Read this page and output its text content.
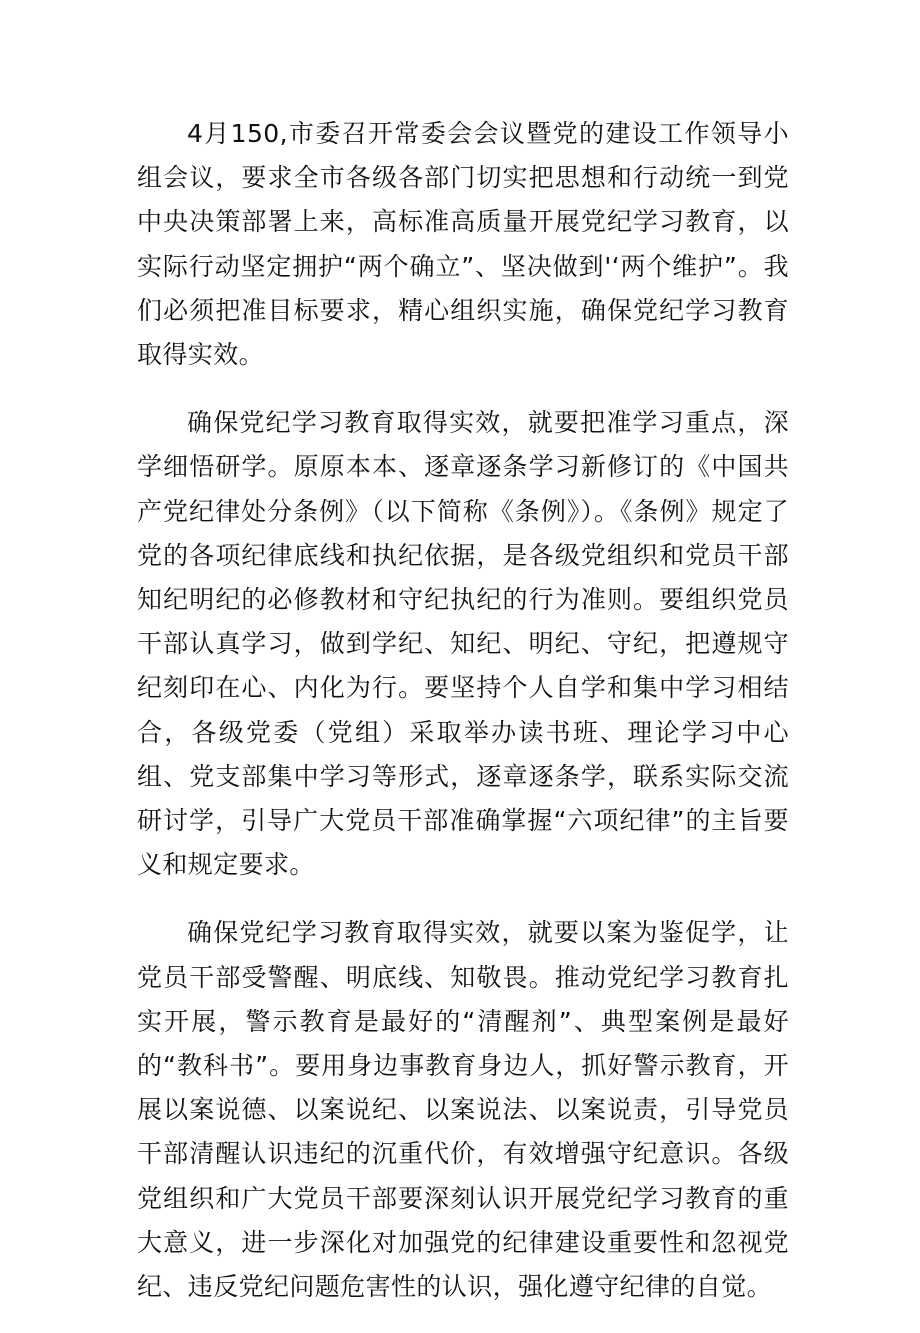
4月150,市委召开常委会会议暨党的建设工作领导小组会议，要求全市各级各部门切实把思想和行动统一到党中央决策部署上来，高标准高质量开展党纪学习教育，以实际行动坚定拥护“两个确立”、坚决做到'‘两个维护”。我们必须把准目标要求，精心组织实施，确保党纪学习教育取得实效。

确保党纪学习教育取得实效，就要把准学习重点，深学细悟研学。原原本本、逐章逐条学习新修订的《中国共产党纪律处分条例》（以下简称《条例》）。《条例》规定了党的各项纪律底线和执纪依据，是各级党组织和党员干部知纪明纪的必修教材和守纪执纪的行为准则。要组织党员干部认真学习，做到学纪、知纪、明纪、守纪，把遵规守纪刻印在心、内化为行。要坚持个人自学和集中学习相结合，各级党委（党组）采取举办读书班、理论学习中心组、党支部集中学习等形式，逐章逐条学，联系实际交流研讨学，引导广大党员干部准确掌握“六项纪律”的主旨要义和规定要求。

确保党纪学习教育取得实效，就要以案为鉴促学，让党员干部受警醒、明底线、知敬畏。推动党纪学习教育扎实开展，警示教育是最好的“清醒剂”、典型案例是最好的“教科书”。要用身边事教育身边人，抓好警示教育，开展以案说德、以案说纪、以案说法、以案说责，引导党员干部清醒认识违纪的沉重代价，有效增强守纪意识。各级党组织和广大党员干部要深刻认识开展党纪学习教育的重大意义，进一步深化对加强党的纪律建设重要性和忽视党纪、违反党纪问题危害性的认识，强化遵守纪律的自觉。
